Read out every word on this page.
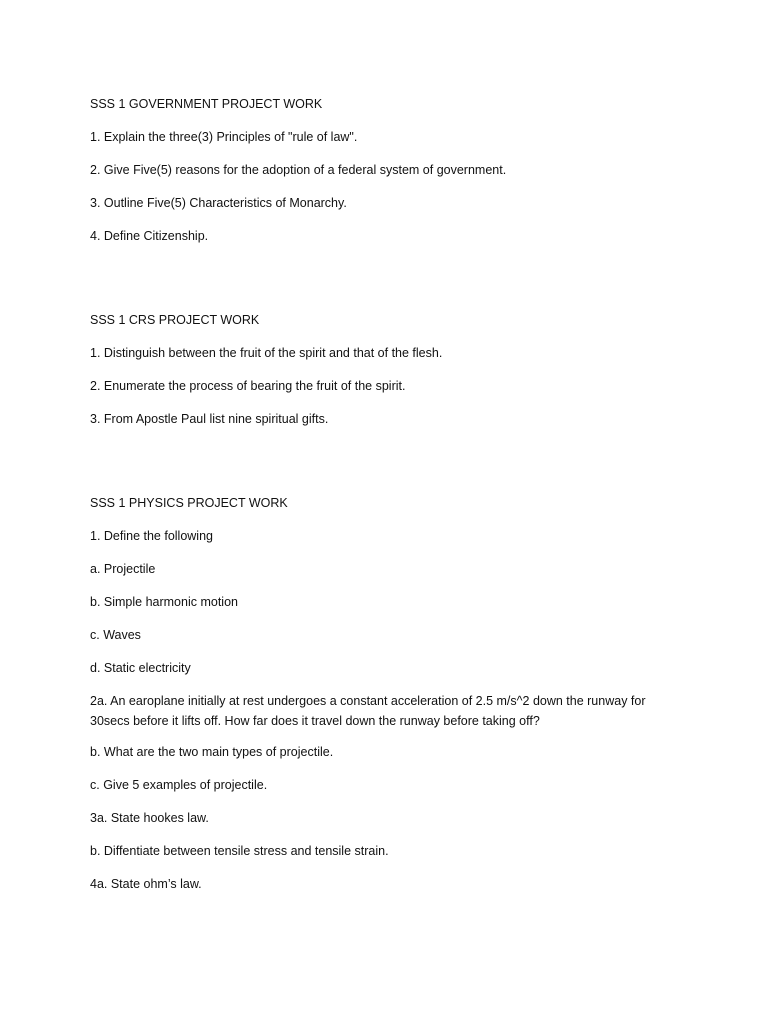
SSS 1 GOVERNMENT PROJECT WORK

1. Explain the three(3) Principles of "rule of law".

2. Give Five(5) reasons for the adoption of a federal system of government.

3. Outline Five(5) Characteristics of Monarchy.

4. Define Citizenship.

SSS 1 CRS PROJECT WORK

1. Distinguish between the fruit of the spirit and that of the flesh.

2. Enumerate the process of bearing the fruit of the spirit.

3. From Apostle Paul list nine spiritual gifts.

SSS 1 PHYSICS PROJECT WORK

1. Define the following

a. Projectile

b. Simple harmonic motion

c. Waves

d. Static electricity

2a. An earoplane initially at rest undergoes a constant acceleration of 2.5 m/s^2 down the runway for 30secs before it lifts off. How far does it travel down the runway before taking off?

b. What are the two main types of projectile.

c. Give 5 examples of projectile.

3a. State hookes law.

b. Diffentiate between tensile stress and tensile strain.

4a. State ohm’s law.
